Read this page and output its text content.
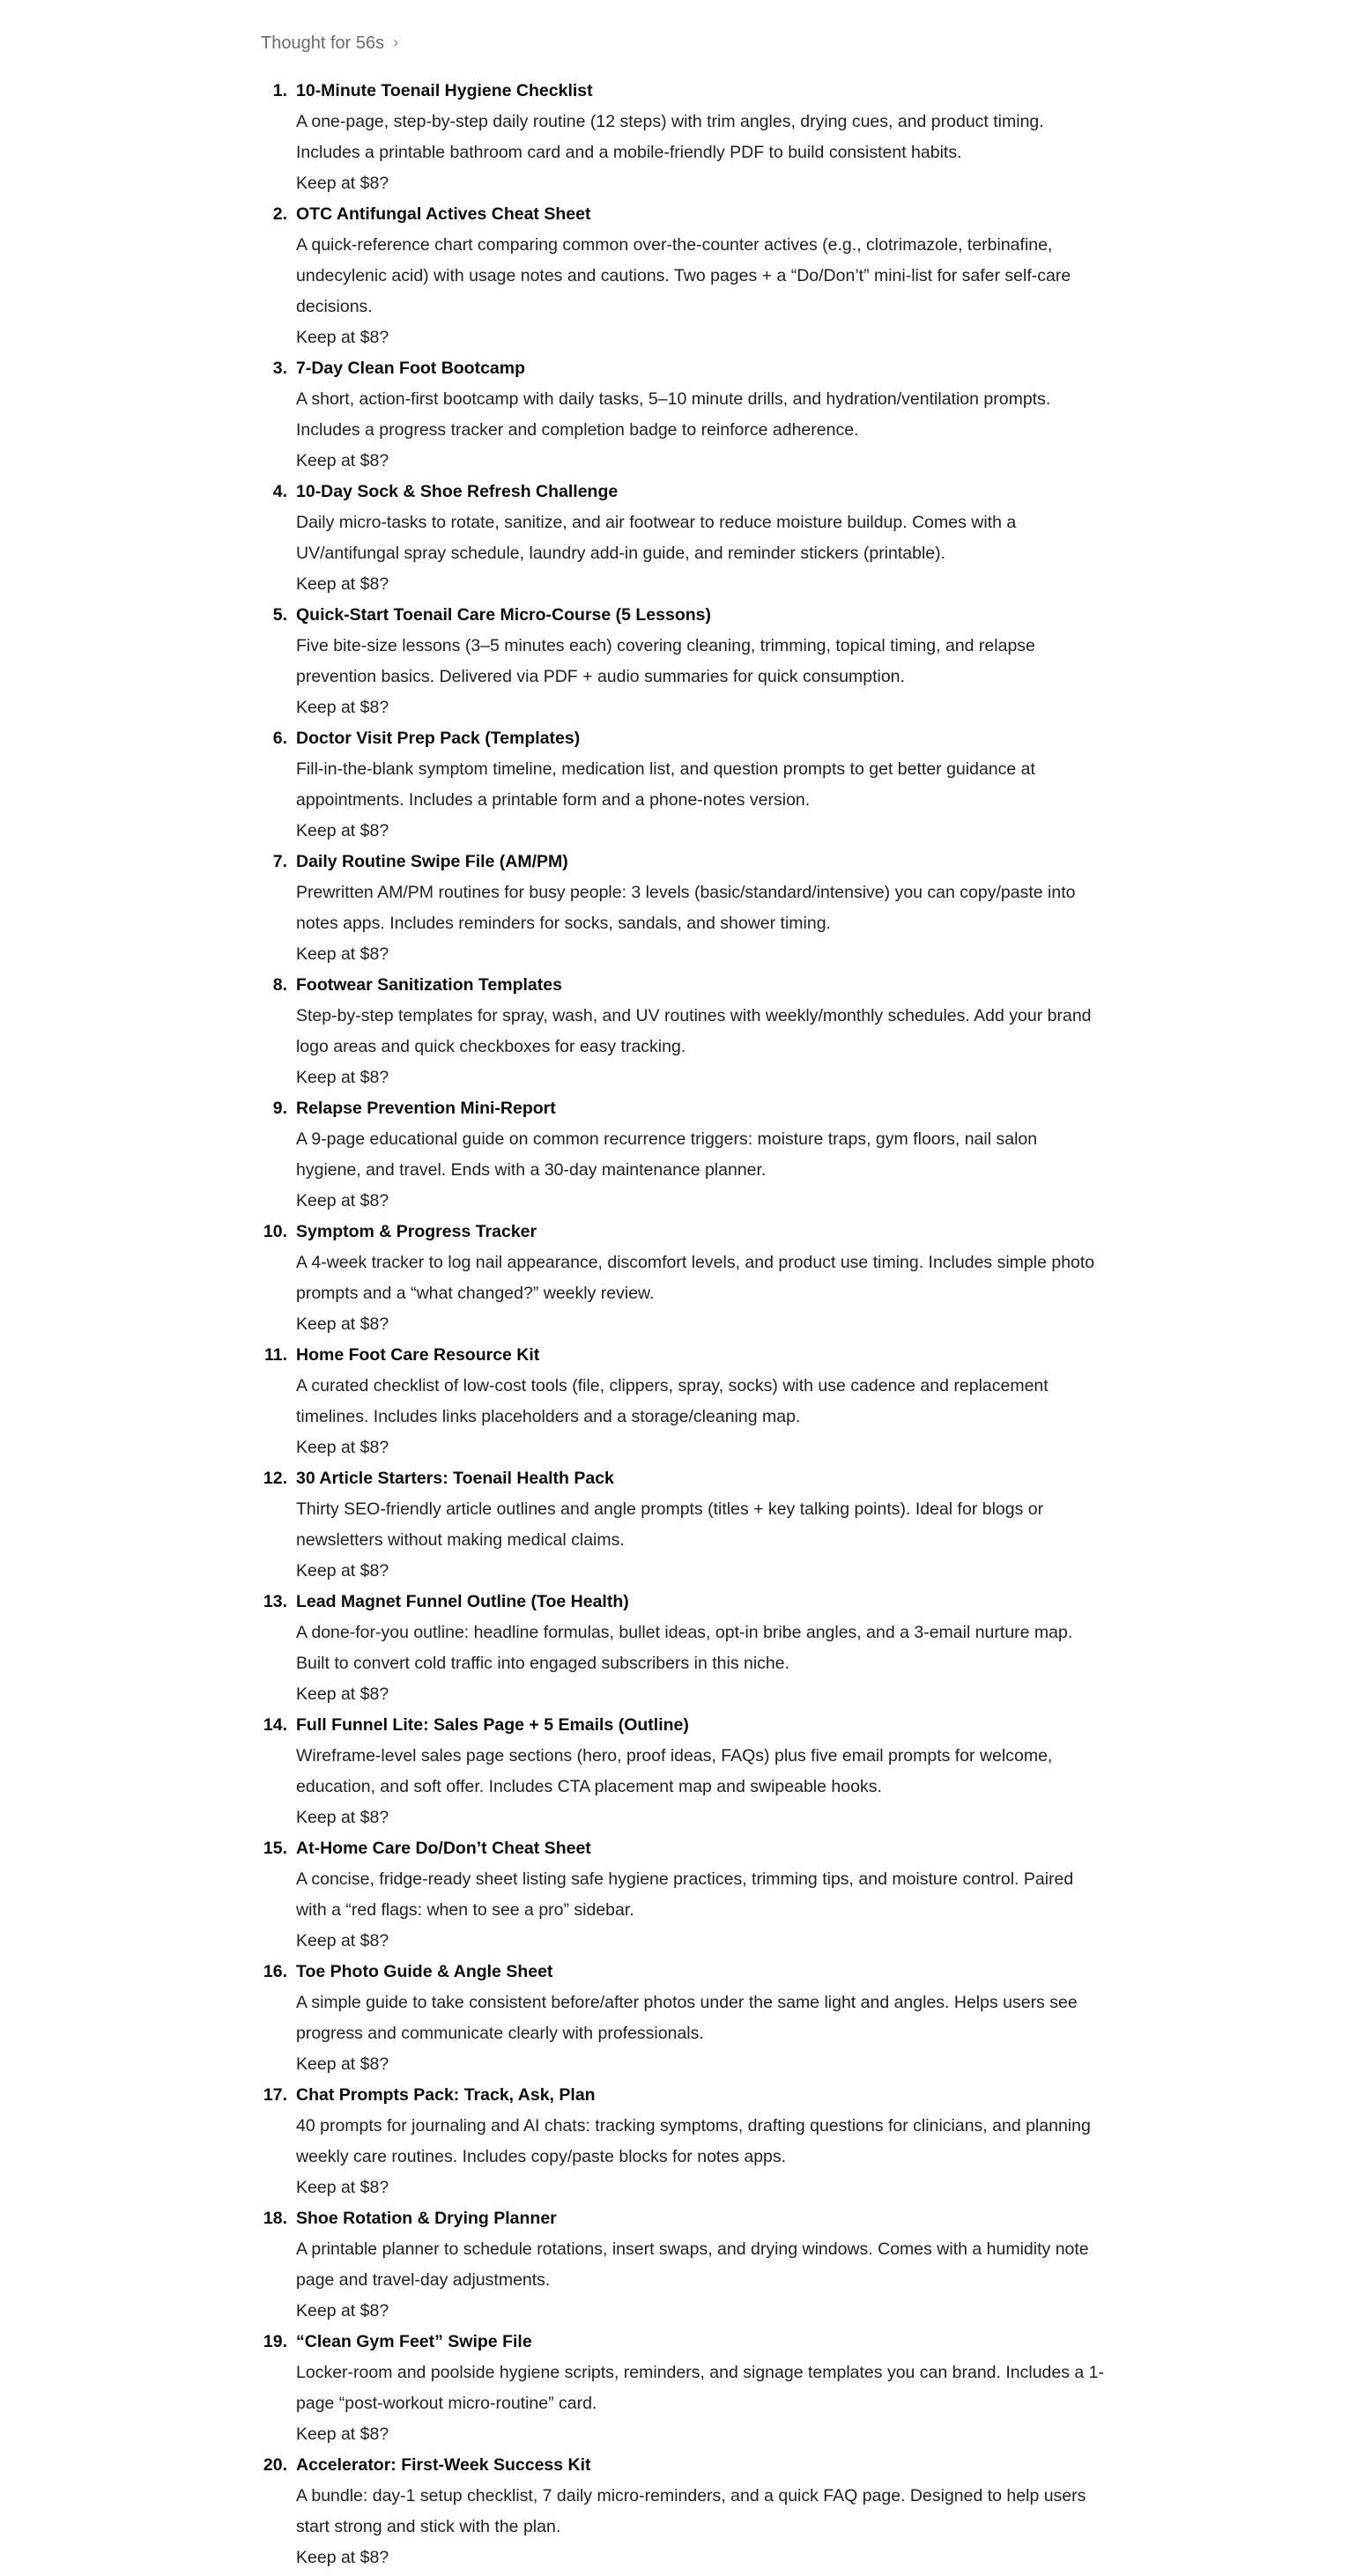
Thought for 56s ›
1. 10-Minute Toenail Hygiene Checklist
A one-page, step-by-step daily routine (12 steps) with trim angles, drying cues, and product timing. Includes a printable bathroom card and a mobile-friendly PDF to build consistent habits.
Keep at $8?
2. OTC Antifungal Actives Cheat Sheet
A quick-reference chart comparing common over-the-counter actives (e.g., clotrimazole, terbinafine, undecylenic acid) with usage notes and cautions. Two pages + a “Do/Don’t” mini-list for safer self-care decisions.
Keep at $8?
3. 7-Day Clean Foot Bootcamp
A short, action-first bootcamp with daily tasks, 5–10 minute drills, and hydration/ventilation prompts. Includes a progress tracker and completion badge to reinforce adherence.
Keep at $8?
4. 10-Day Sock & Shoe Refresh Challenge
Daily micro-tasks to rotate, sanitize, and air footwear to reduce moisture buildup. Comes with a UV/antifungal spray schedule, laundry add-in guide, and reminder stickers (printable).
Keep at $8?
5. Quick-Start Toenail Care Micro-Course (5 Lessons)
Five bite-size lessons (3–5 minutes each) covering cleaning, trimming, topical timing, and relapse prevention basics. Delivered via PDF + audio summaries for quick consumption.
Keep at $8?
6. Doctor Visit Prep Pack (Templates)
Fill-in-the-blank symptom timeline, medication list, and question prompts to get better guidance at appointments. Includes a printable form and a phone-notes version.
Keep at $8?
7. Daily Routine Swipe File (AM/PM)
Prewritten AM/PM routines for busy people: 3 levels (basic/standard/intensive) you can copy/paste into notes apps. Includes reminders for socks, sandals, and shower timing.
Keep at $8?
8. Footwear Sanitization Templates
Step-by-step templates for spray, wash, and UV routines with weekly/monthly schedules. Add your brand logo areas and quick checkboxes for easy tracking.
Keep at $8?
9. Relapse Prevention Mini-Report
A 9-page educational guide on common recurrence triggers: moisture traps, gym floors, nail salon hygiene, and travel. Ends with a 30-day maintenance planner.
Keep at $8?
10. Symptom & Progress Tracker
A 4-week tracker to log nail appearance, discomfort levels, and product use timing. Includes simple photo prompts and a “what changed?” weekly review.
Keep at $8?
11. Home Foot Care Resource Kit
A curated checklist of low-cost tools (file, clippers, spray, socks) with use cadence and replacement timelines. Includes links placeholders and a storage/cleaning map.
Keep at $8?
12. 30 Article Starters: Toenail Health Pack
Thirty SEO-friendly article outlines and angle prompts (titles + key talking points). Ideal for blogs or newsletters without making medical claims.
Keep at $8?
13. Lead Magnet Funnel Outline (Toe Health)
A done-for-you outline: headline formulas, bullet ideas, opt-in bribe angles, and a 3-email nurture map. Built to convert cold traffic into engaged subscribers in this niche.
Keep at $8?
14. Full Funnel Lite: Sales Page + 5 Emails (Outline)
Wireframe-level sales page sections (hero, proof ideas, FAQs) plus five email prompts for welcome, education, and soft offer. Includes CTA placement map and swipeable hooks.
Keep at $8?
15. At-Home Care Do/Don’t Cheat Sheet
A concise, fridge-ready sheet listing safe hygiene practices, trimming tips, and moisture control. Paired with a “red flags: when to see a pro” sidebar.
Keep at $8?
16. Toe Photo Guide & Angle Sheet
A simple guide to take consistent before/after photos under the same light and angles. Helps users see progress and communicate clearly with professionals.
Keep at $8?
17. Chat Prompts Pack: Track, Ask, Plan
40 prompts for journaling and AI chats: tracking symptoms, drafting questions for clinicians, and planning weekly care routines. Includes copy/paste blocks for notes apps.
Keep at $8?
18. Shoe Rotation & Drying Planner
A printable planner to schedule rotations, insert swaps, and drying windows. Comes with a humidity note page and travel-day adjustments.
Keep at $8?
19. “Clean Gym Feet” Swipe File
Locker-room and poolside hygiene scripts, reminders, and signage templates you can brand. Includes a 1-page “post-workout micro-routine” card.
Keep at $8?
20. Accelerator: First-Week Success Kit
A bundle: day-1 setup checklist, 7 daily micro-reminders, and a quick FAQ page. Designed to help users start strong and stick with the plan.
Keep at $8?
